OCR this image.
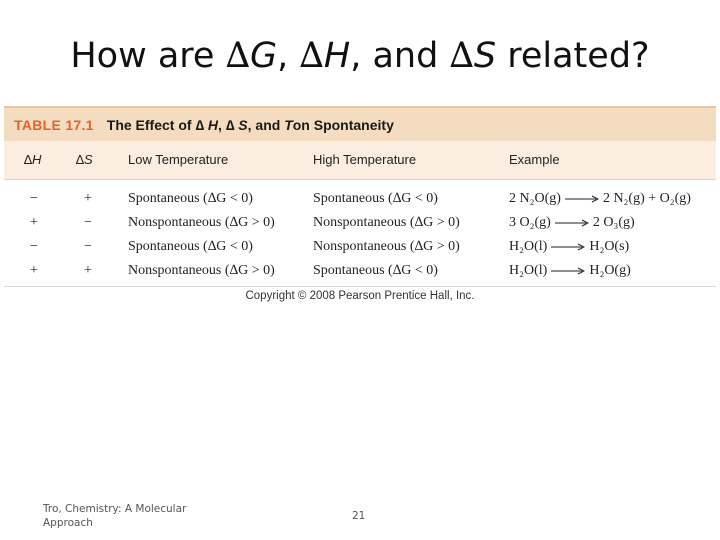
How are ∆G, ∆H, and ∆S related?
TABLE 17.1 The Effect of
∆
H ,
∆
S , and
T on Spontaneity
∆H	∆S	Low Temperature	High Temperature	Example
−	+	Spontaneous (∆G < 0)	Spontaneous (∆G < 0)	2 N₂O(g) → 2 N₂(g) + O₂(g)
+	−	Nonspontaneous (∆G > 0)	Nonspontaneous (∆G > 0)	3 O₂(g) → 2 O₃(g)
−	−	Spontaneous (∆G < 0)	Nonspontaneous (∆G > 0)	H₂O(l) → H₂O(s)
+	+	Nonspontaneous (∆G > 0)	Spontaneous (∆G < 0)	H₂O(l) → H₂O(g)
Copyright © 2008 Pearson Prentice Hall, Inc.
Tro, Chemistry: A Molecular
Approach
21
